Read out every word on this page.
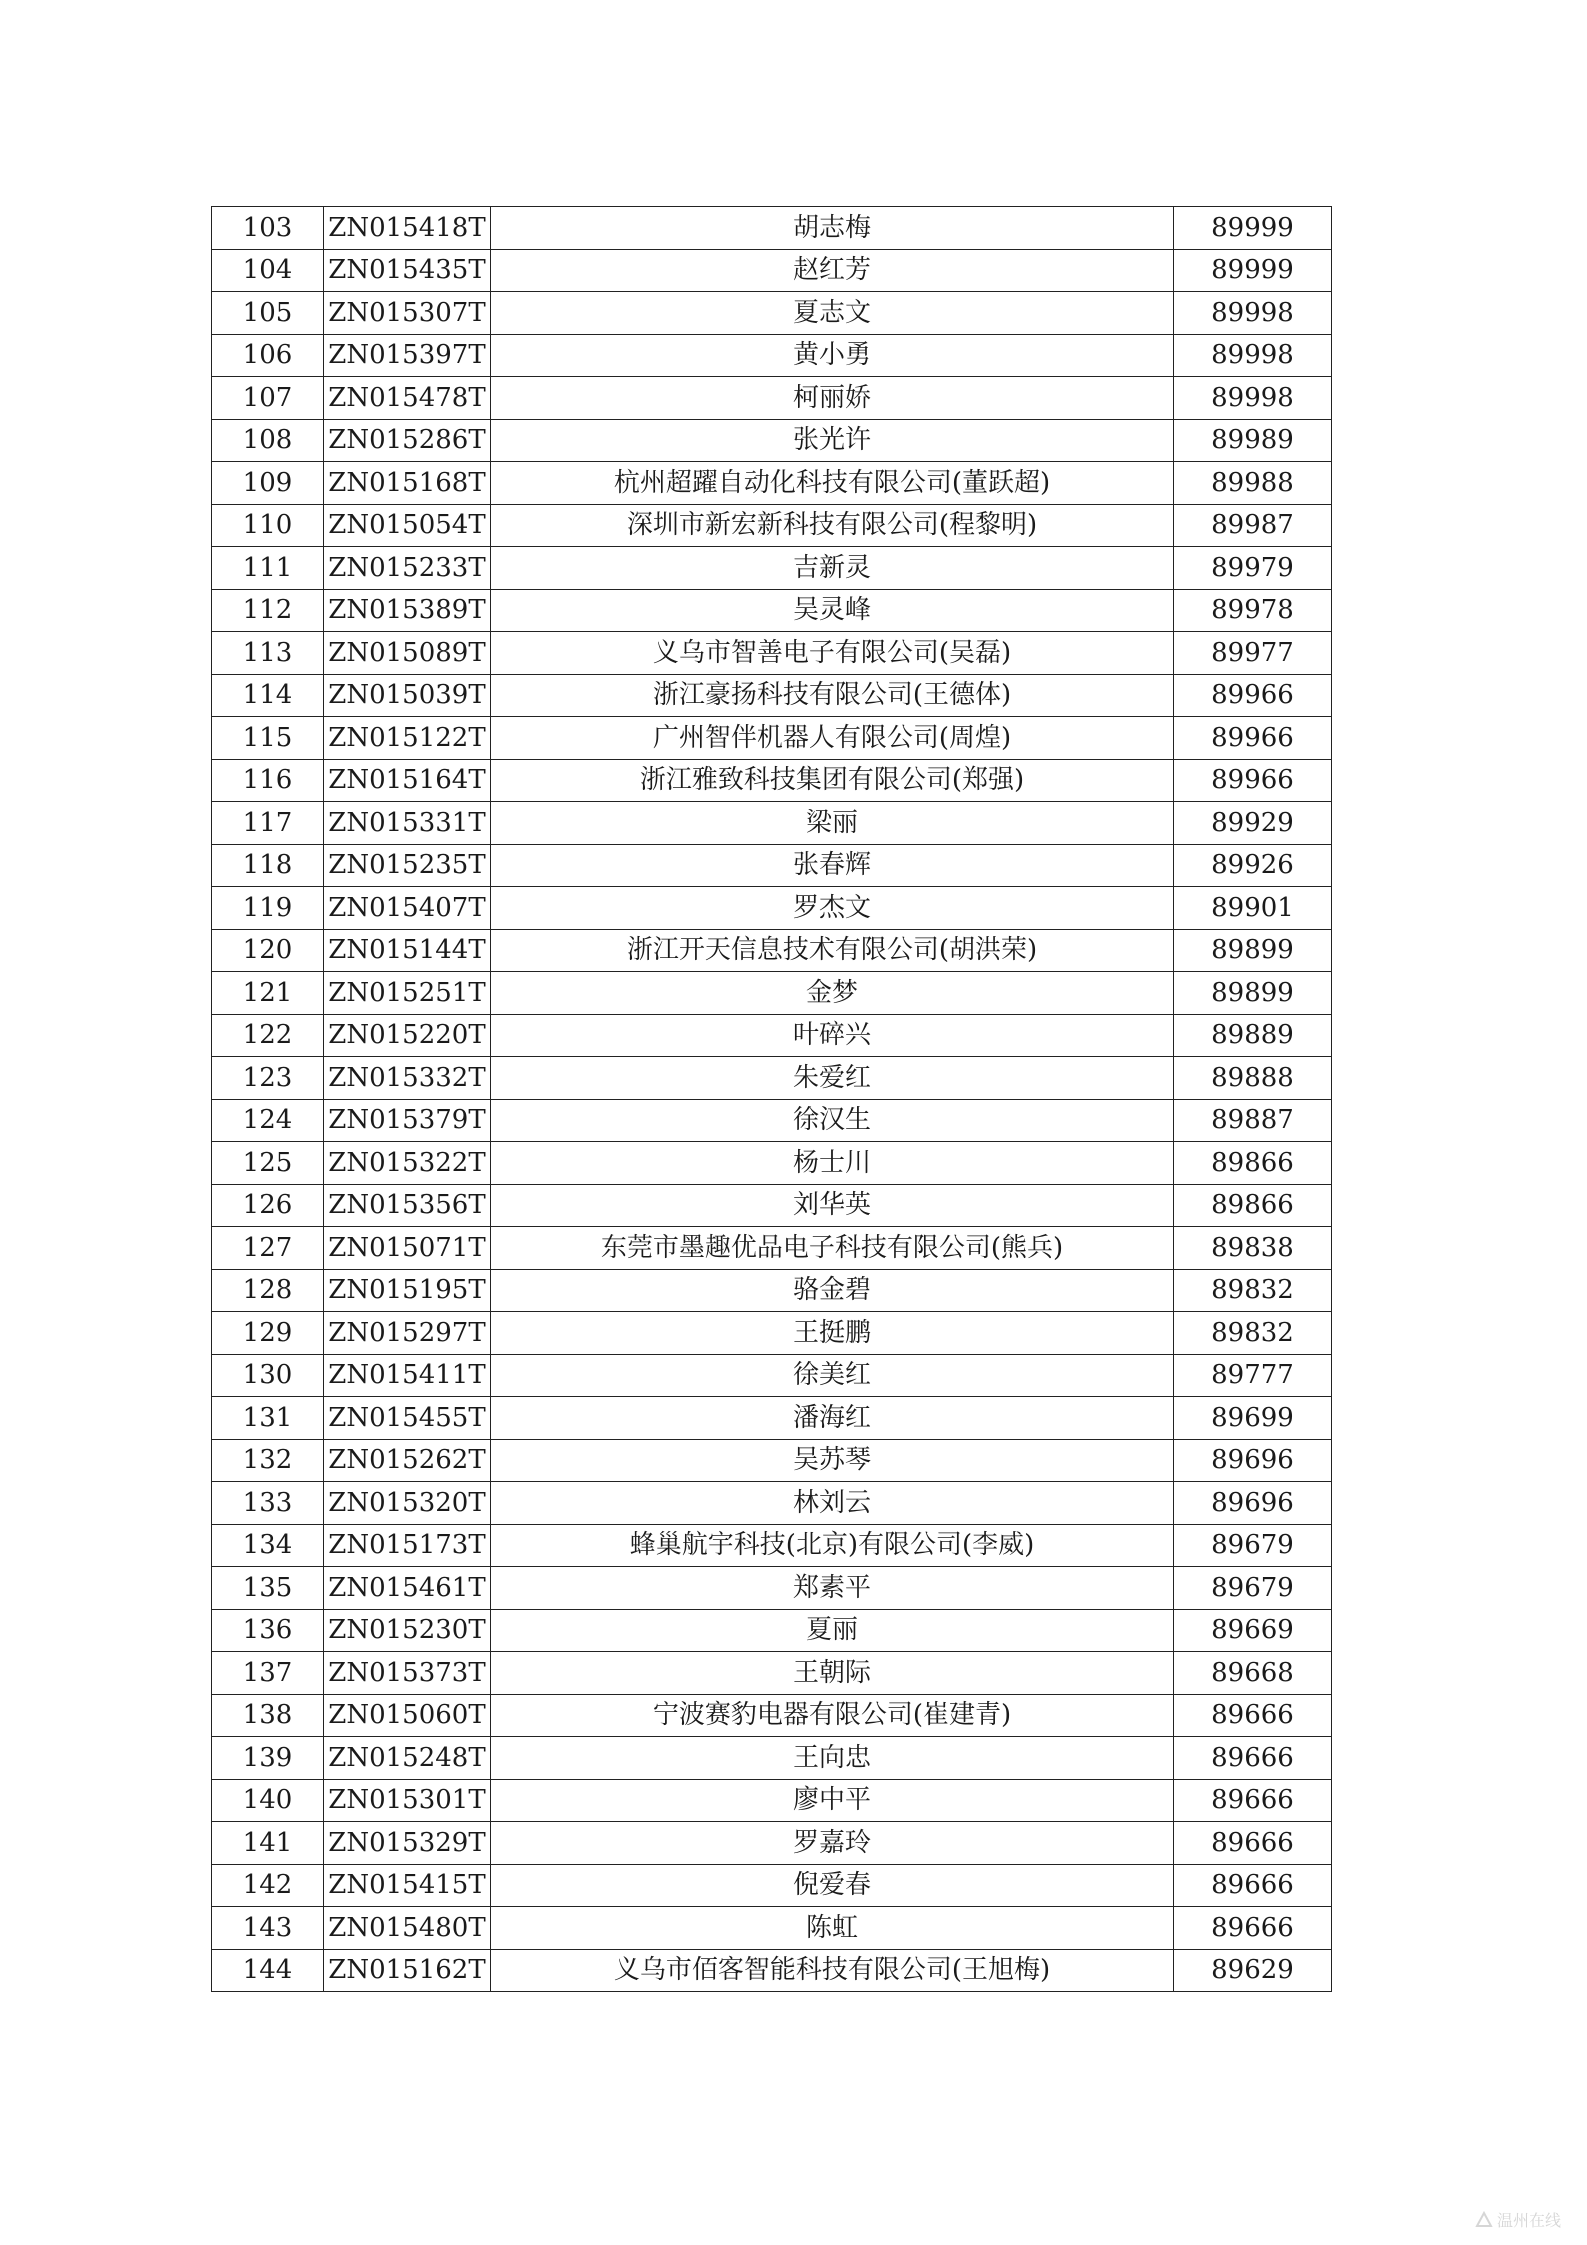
103	ZN015418T	胡志梅	89999
104	ZN015435T	赵红芳	89999
105	ZN015307T	夏志文	89998
106	ZN015397T	黄小勇	89998
107	ZN015478T	柯丽娇	89998
108	ZN015286T	张光许	89989
109	ZN015168T	杭州超躍自动化科技有限公司(董跃超)	89988
110	ZN015054T	深圳市新宏新科技有限公司(程黎明)	89987
111	ZN015233T	吉新灵	89979
112	ZN015389T	吴灵峰	89978
113	ZN015089T	义乌市智善电子有限公司(吴磊)	89977
114	ZN015039T	浙江豪扬科技有限公司(王德体)	89966
115	ZN015122T	广州智伴机器人有限公司(周煌)	89966
116	ZN015164T	浙江雅致科技集团有限公司(郑强)	89966
117	ZN015331T	梁丽	89929
118	ZN015235T	张春辉	89926
119	ZN015407T	罗杰文	89901
120	ZN015144T	浙江开天信息技术有限公司(胡洪荣)	89899
121	ZN015251T	金梦	89899
122	ZN015220T	叶碎兴	89889
123	ZN015332T	朱爱红	89888
124	ZN015379T	徐汉生	89887
125	ZN015322T	杨士川	89866
126	ZN015356T	刘华英	89866
127	ZN015071T	东莞市墨趣优品电子科技有限公司(熊兵)	89838
128	ZN015195T	骆金碧	89832
129	ZN015297T	王挺鹏	89832
130	ZN015411T	徐美红	89777
131	ZN015455T	潘海红	89699
132	ZN015262T	吴苏琴	89696
133	ZN015320T	林刘云	89696
134	ZN015173T	蜂巢航宇科技(北京)有限公司(李威)	89679
135	ZN015461T	郑素平	89679
136	ZN015230T	夏丽	89669
137	ZN015373T	王朝际	89668
138	ZN015060T	宁波赛豹电器有限公司(崔建青)	89666
139	ZN015248T	王向忠	89666
140	ZN015301T	廖中平	89666
141	ZN015329T	罗嘉玲	89666
142	ZN015415T	倪爱春	89666
143	ZN015480T	陈虹	89666
144	ZN015162T	义乌市佰客智能科技有限公司(王旭梅)	89629
温州在线
